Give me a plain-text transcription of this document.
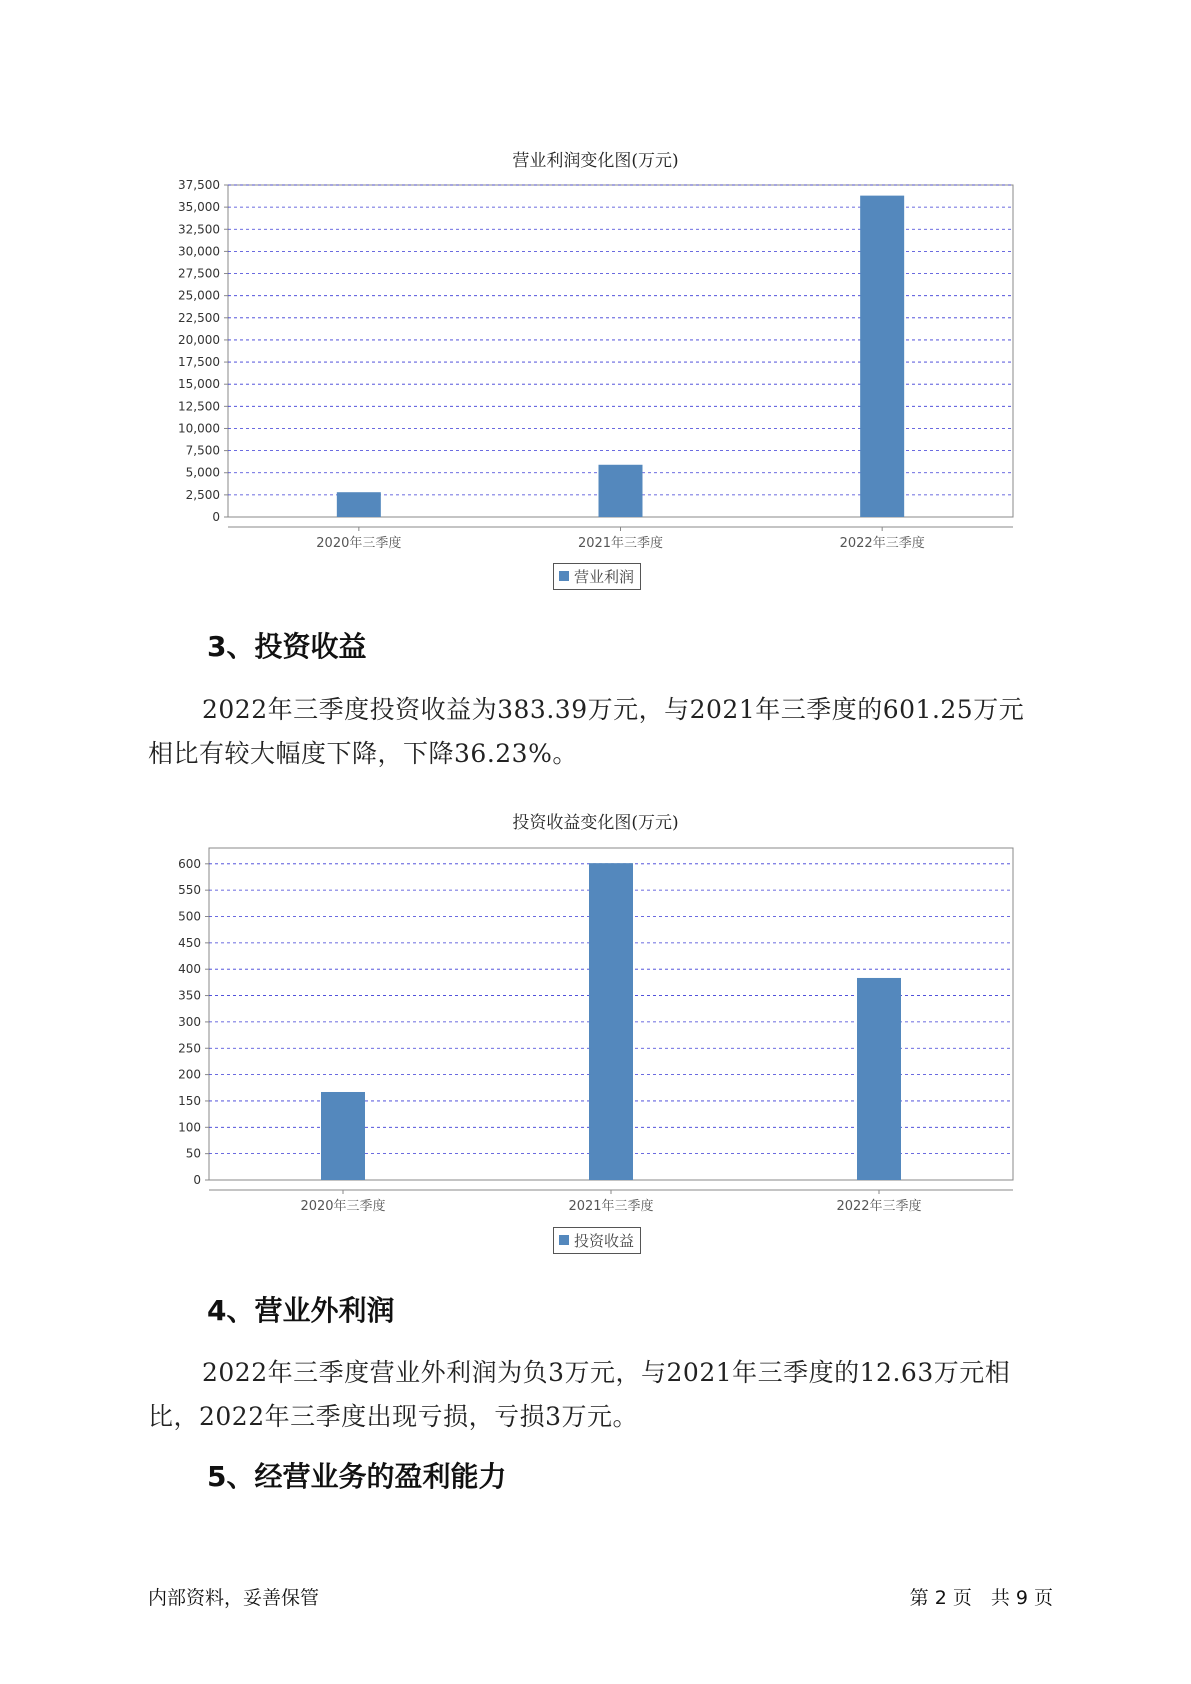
营业利润变化图(万元)
0
2,500
5,000
7,500
10,000
12,500
15,000
17,500
20,000
22,500
25,000
27,500
30,000
32,500
35,000
37,500
2020年三季度	2021年三季度	2022年三季度
营业利润
3、投资收益

2022年三季度投资收益为383.39万元，与2021年三季度的601.25万元
相比有较大幅度下降，下降36.23%。

投资收益变化图(万元)
0
50
100
150
200
250
300
350
400
450
500
550
600
2020年三季度	2021年三季度	2022年三季度
投资收益
4、营业外利润

2022年三季度营业外利润为负3万元，与2021年三季度的12.63万元相
比，2022年三季度出现亏损，亏损3万元。

5、经营业务的盈利能力
内部资料，妥善保管	第 2 页　共 9 页
